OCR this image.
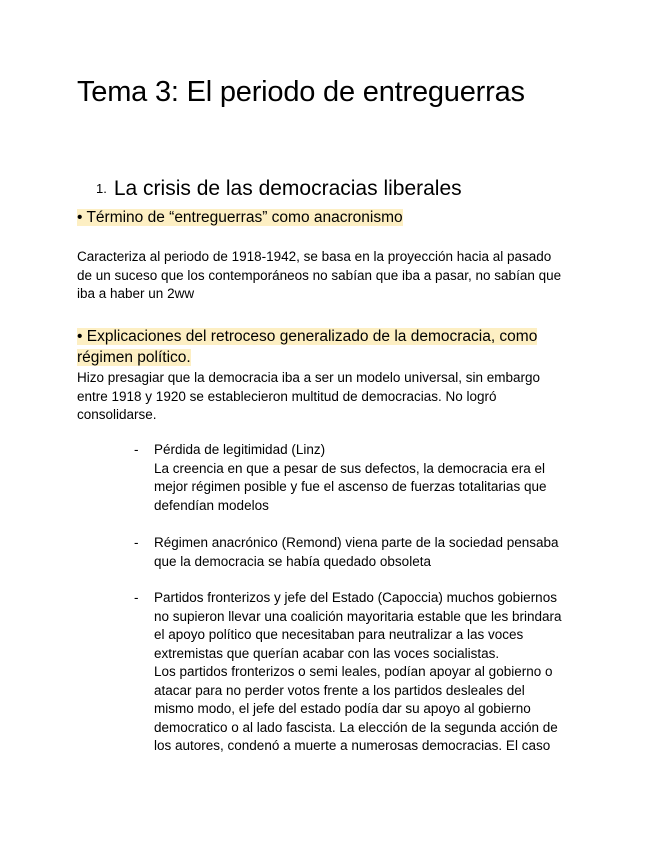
Tema 3: El periodo de entreguerras
1. La crisis de las democracias liberales

• Término de “entreguerras” como anacronismo

Caracteriza al periodo de 1918-1942, se basa en la proyección hacia al pasado
de un suceso que los contemporáneos no sabían que iba a pasar, no sabían que
iba a haber un 2ww
• Explicaciones del retroceso generalizado de la democracia, como
régimen político.
Hizo presagiar que la democracia iba a ser un modelo universal, sin embargo
entre 1918 y 1920 se establecieron multitud de democracias. No logró
consolidarse.
- Pérdida de legitimidad (Linz)
La creencia en que a pesar de sus defectos, la democracia era el
mejor régimen posible y fue el ascenso de fuerzas totalitarias que
defendían modelos
- Régimen anacrónico (Remond) viena parte de la sociedad pensaba
que la democracia se había quedado obsoleta
- Partidos fronterizos y jefe del Estado (Capoccia) muchos gobiernos
no supieron llevar una coalición mayoritaria estable que les brindara
el apoyo político que necesitaban para neutralizar a las voces
extremistas que querían acabar con las voces socialistas.
Los partidos fronterizos o semi leales, podían apoyar al gobierno o
atacar para no perder votos frente a los partidos desleales del
mismo modo, el jefe del estado podía dar su apoyo al gobierno
democratico o al lado fascista. La elección de la segunda acción de
los autores, condenó a muerte a numerosas democracias. El caso
